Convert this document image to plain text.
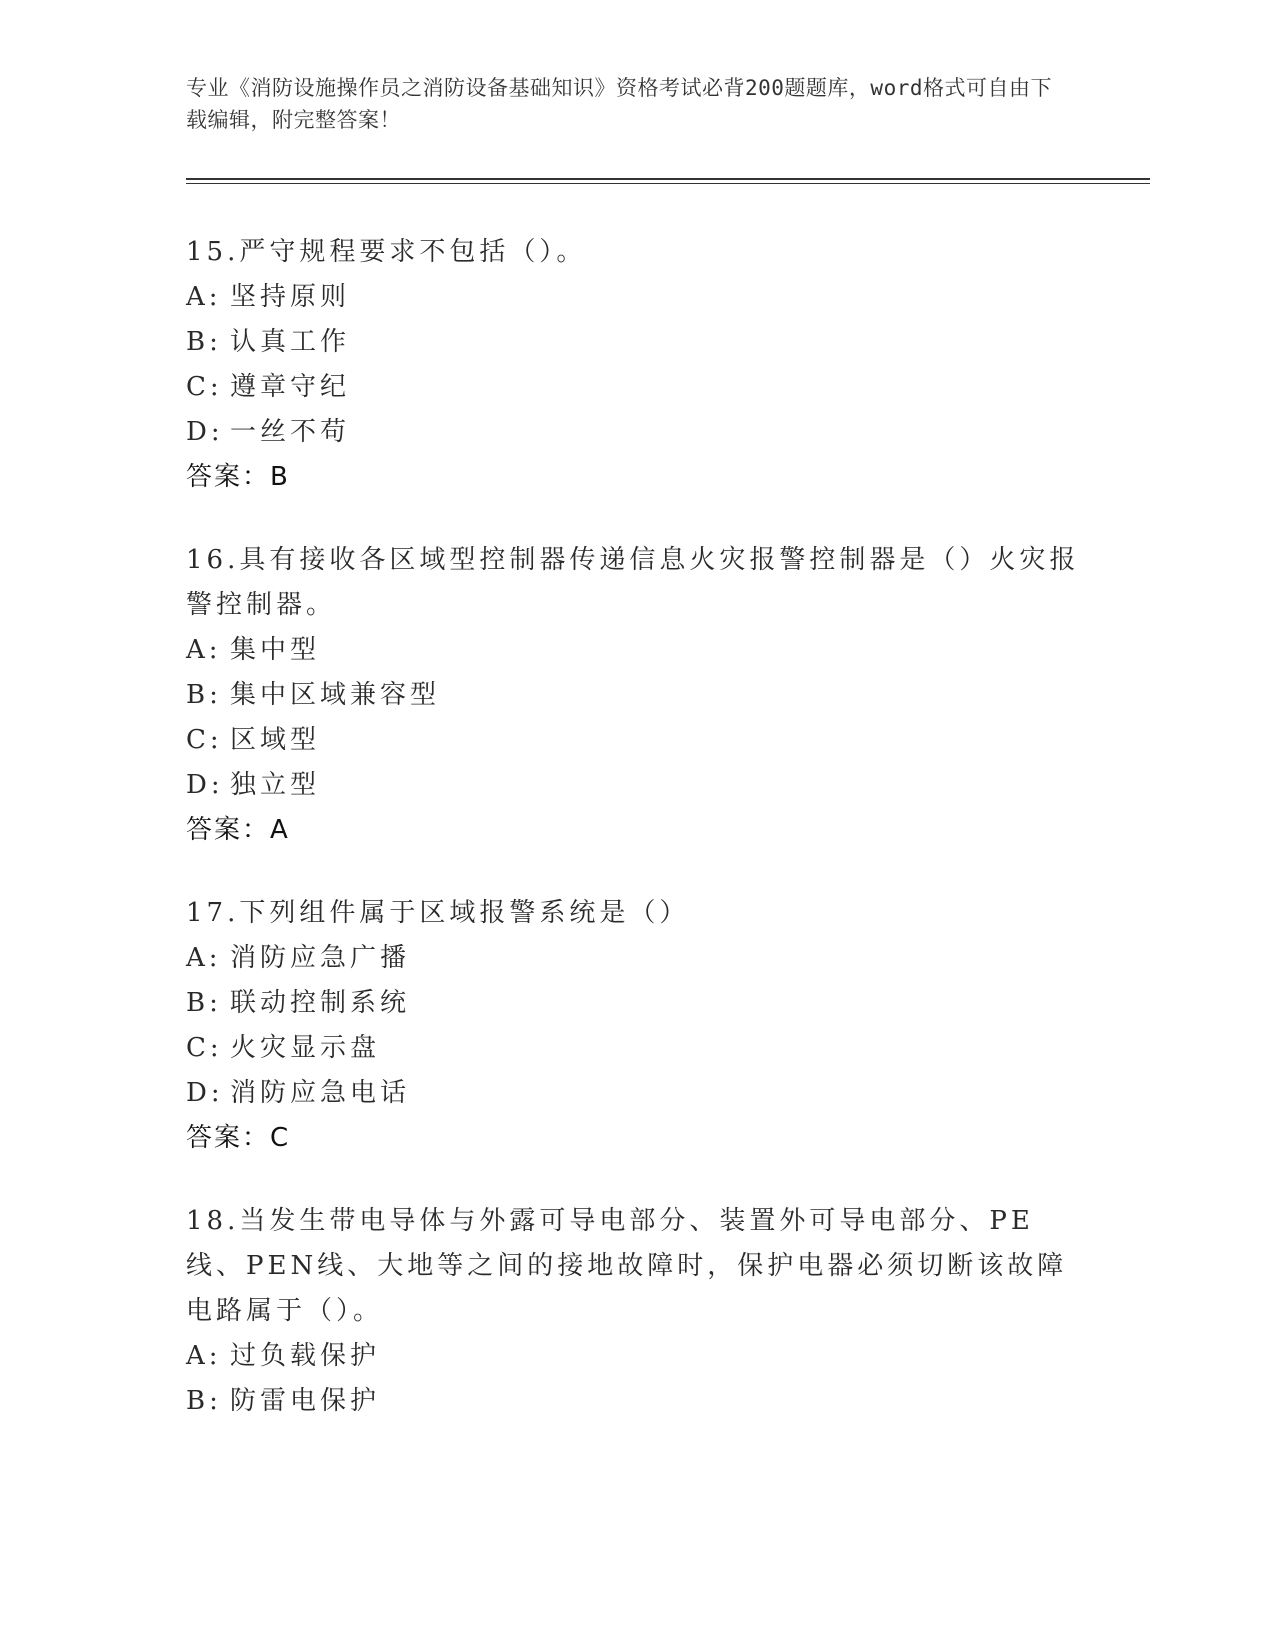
专业《消防设施操作员之消防设备基础知识》资格考试必背200题题库，word格式可自由下载编辑，附完整答案！
15.严守规程要求不包括（）。
A: 坚持原则
B: 认真工作
C: 遵章守纪
D: 一丝不苟
答案：B
16.具有接收各区域型控制器传递信息火灾报警控制器是（）火灾报警控制器。
A: 集中型
B: 集中区域兼容型
C: 区域型
D: 独立型
答案：A
17.下列组件属于区域报警系统是（）
A: 消防应急广播
B: 联动控制系统
C: 火灾显示盘
D: 消防应急电话
答案：C
18.当发生带电导体与外露可导电部分、装置外可导电部分、PE线、PEN线、大地等之间的接地故障时，保护电器必须切断该故障电路属于（）。
A: 过负载保护
B: 防雷电保护
